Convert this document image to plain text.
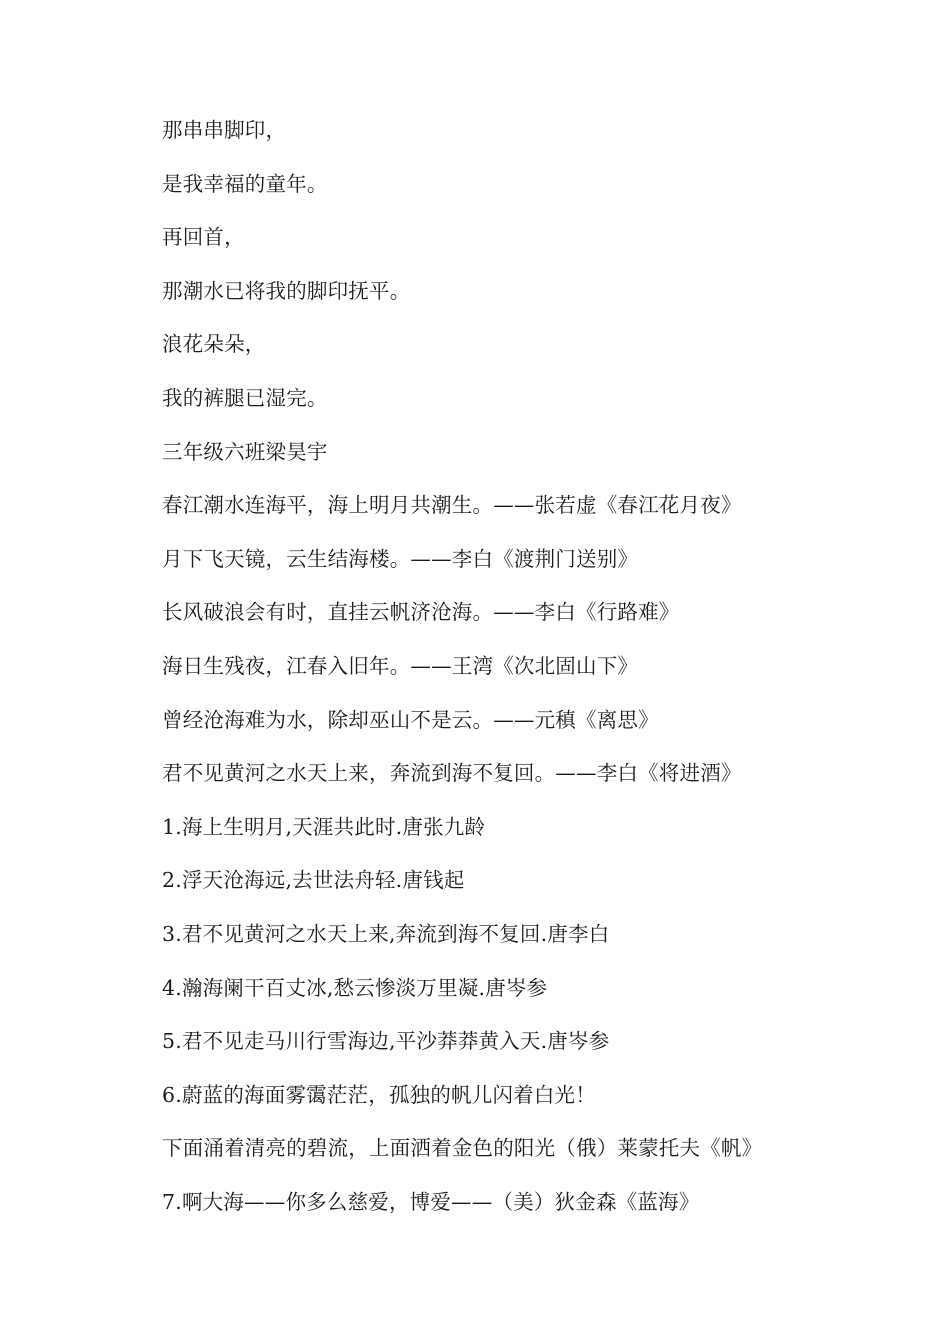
那串串脚印，
是我幸福的童年。
再回首，
那潮水已将我的脚印抚平。
浪花朵朵，
我的裤腿已湿完。
三年级六班梁昊宇
春江潮水连海平，海上明月共潮生。——张若虚《春江花月夜》
月下飞天镜，云生结海楼。——李白《渡荆门送别》
长风破浪会有时，直挂云帆济沧海。——李白《行路难》
海日生残夜，江春入旧年。——王湾《次北固山下》
曾经沧海难为水，除却巫山不是云。——元稹《离思》
君不见黄河之水天上来，奔流到海不复回。——李白《将进酒》
1.海上生明月,天涯共此时.唐张九龄
2.浮天沧海远,去世法舟轻.唐钱起
3.君不见黄河之水天上来,奔流到海不复回.唐李白
4.瀚海阑干百丈冰,愁云惨淡万里凝.唐岑参
5.君不见走马川行雪海边,平沙莽莽黄入天.唐岑参
6.蔚蓝的海面雾霭茫茫，孤独的帆儿闪着白光！
下面涌着清亮的碧流，上面洒着金色的阳光（俄）莱蒙托夫《帆》
7.啊大海——你多么慈爱，博爱——（美）狄金森《蓝海》
